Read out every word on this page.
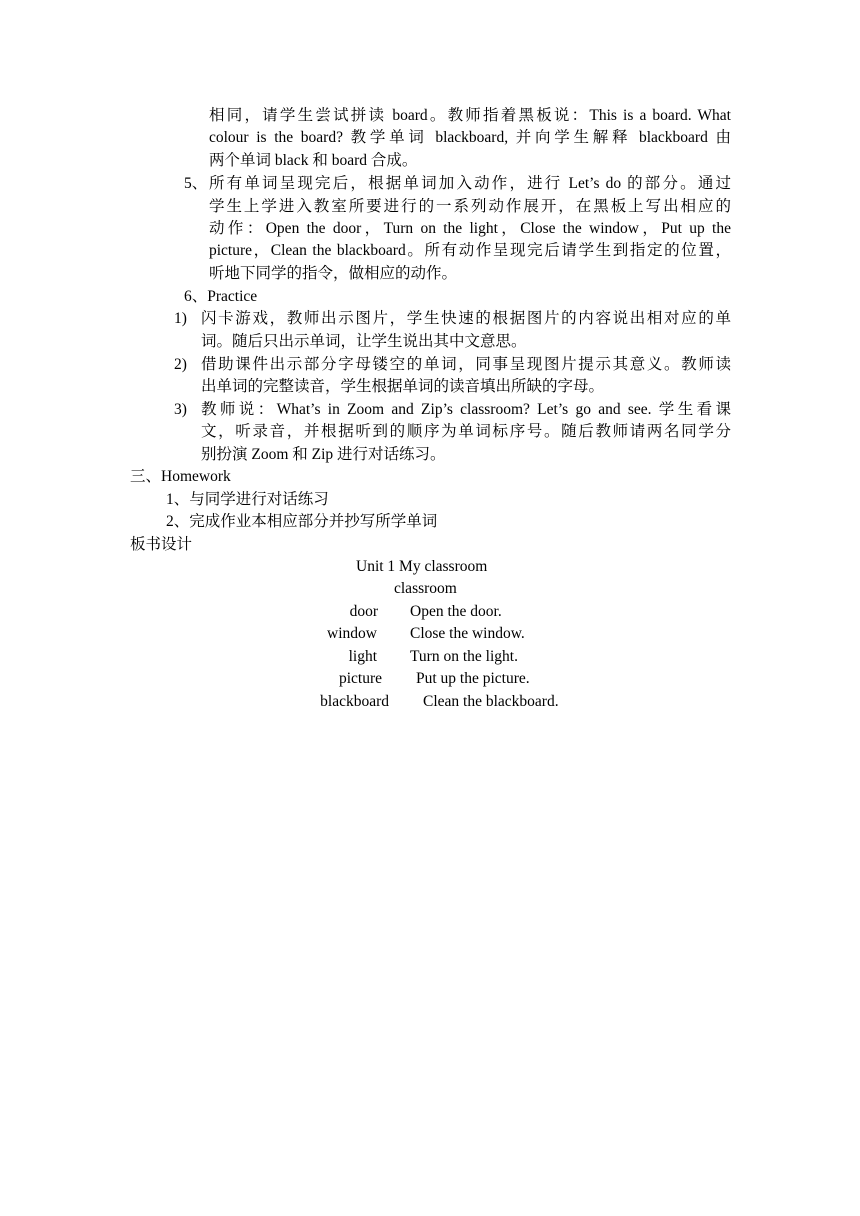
相同，请学生尝试拼读 board。教师指着黑板说：This is a board. What
colour is the board? 教学单词 blackboard, 并向学生解释 blackboard 由
两个单词 black 和 board 合成。
5、 所有单词呈现完后，根据单词加入动作，进行 Let’s do 的部分。通过
学生上学进入教室所要进行的一系列动作展开，在黑板上写出相应的
动作：Open the door，Turn on the light，Close the window，Put up the
picture，Clean the blackboard。所有动作呈现完后请学生到指定的位置，
听地下同学的指令，做相应的动作。
6、Practice
1) 闪卡游戏，教师出示图片，学生快速的根据图片的内容说出相对应的单
词。随后只出示单词，让学生说出其中文意思。
2) 借助课件出示部分字母镂空的单词，同事呈现图片提示其意义。教师读
出单词的完整读音，学生根据单词的读音填出所缺的字母。
3) 教师说：What’s in Zoom and Zip’s classroom? Let’s go and see. 学生看课
文，听录音，并根据听到的顺序为单词标序号。随后教师请两名同学分
别扮演 Zoom 和 Zip 进行对话练习。
三、Homework
1、与同学进行对话练习
2、完成作业本相应部分并抄写所学单词
板书设计
Unit 1 My classroom
classroom
door Open the door.
window Close the window.
light Turn on the light.
picture Put up the picture.
blackboard Clean the blackboard.
